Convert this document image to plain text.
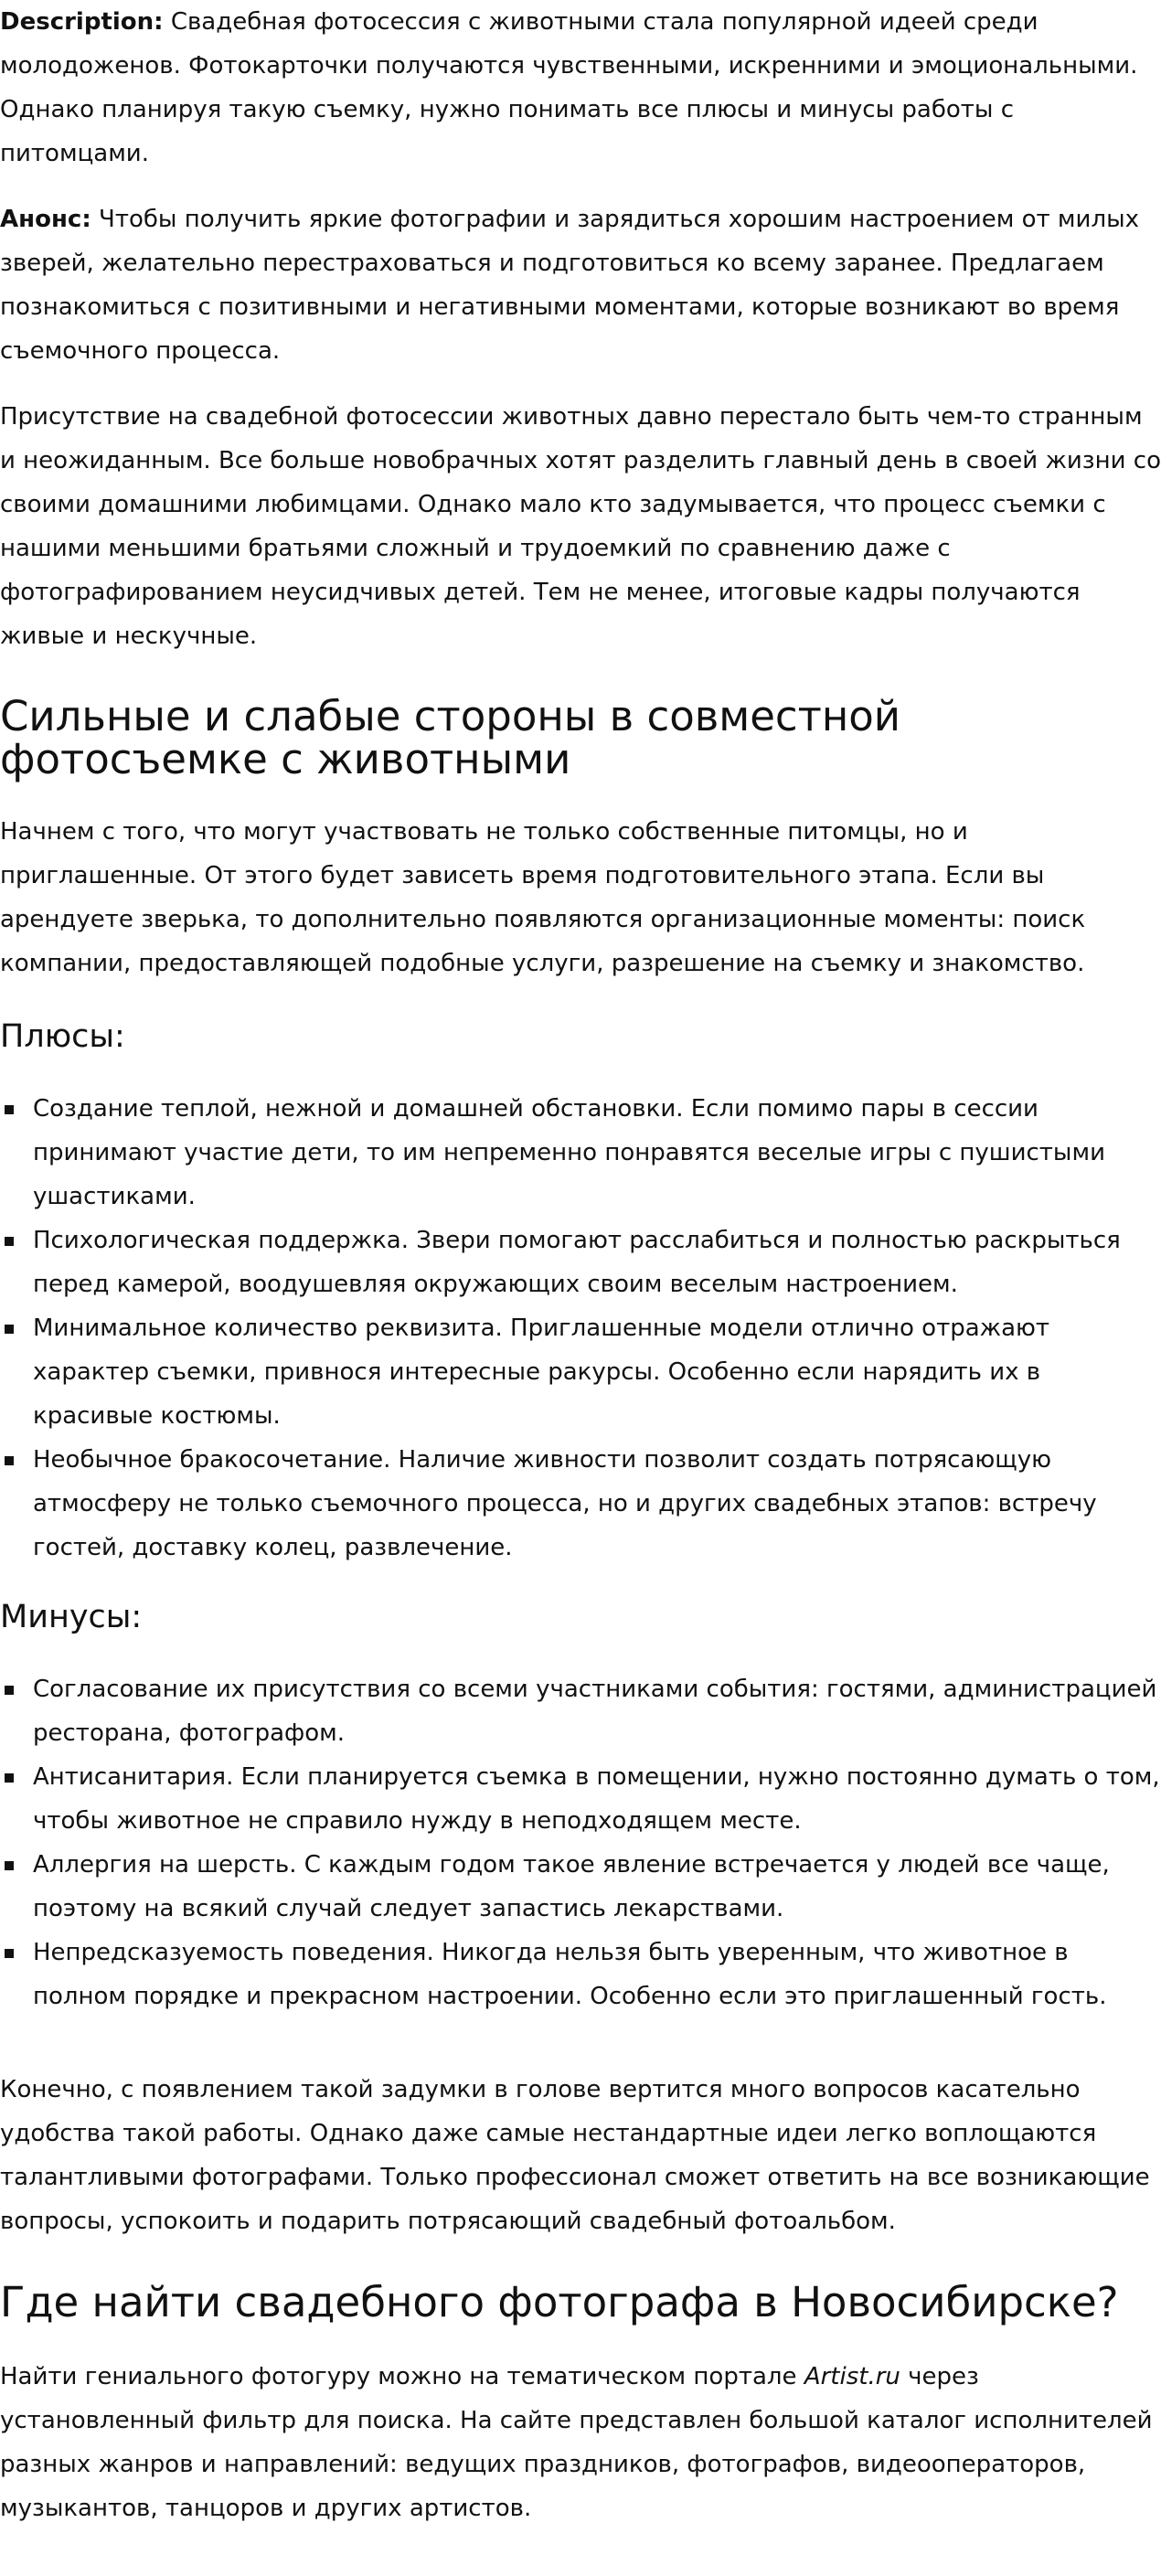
Description: Свадебная фотосессия с животными стала популярной идеей среди молодоженов. Фотокарточки получаются чувственными, искренними и эмоциональными. Однако планируя такую съемку, нужно понимать все плюсы и минусы работы с питомцами.

Анонс: Чтобы получить яркие фотографии и зарядиться хорошим настроением от милых зверей, желательно перестраховаться и подготовиться ко всему заранее. Предлагаем познакомиться с позитивными и негативными моментами, которые возникают во время съемочного процесса.

Присутствие на свадебной фотосессии животных давно перестало быть чем-то странным и неожиданным. Все больше новобрачных хотят разделить главный день в своей жизни со своими домашними любимцами. Однако мало кто задумывается, что процесс съемки с нашими меньшими братьями сложный и трудоемкий по сравнению даже с фотографированием неусидчивых детей. Тем не менее, итоговые кадры получаются живые и нескучные.

Сильные и слабые стороны в совместной фотосъемке с животными

Начнем с того, что могут участвовать не только собственные питомцы, но и приглашенные. От этого будет зависеть время подготовительного этапа. Если вы арендуете зверька, то дополнительно появляются организационные моменты: поиск компании, предоставляющей подобные услуги, разрешение на съемку и знакомство.

Плюсы:
Создание теплой, нежной и домашней обстановки. Если помимо пары в сессии принимают участие дети, то им непременно понравятся веселые игры с пушистыми ушастиками.
Психологическая поддержка. Звери помогают расслабиться и полностью раскрыться перед камерой, воодушевляя окружающих своим веселым настроением.
Минимальное количество реквизита. Приглашенные модели отлично отражают характер съемки, привнося интересные ракурсы. Особенно если нарядить их в красивые костюмы.
Необычное бракосочетание. Наличие живности позволит создать потрясающую атмосферу не только съемочного процесса, но и других свадебных этапов: встречу гостей, доставку колец, развлечение.
Минусы:
Согласование их присутствия со всеми участниками события: гостями, администрацией ресторана, фотографом.
Антисанитария. Если планируется съемка в помещении, нужно постоянно думать о том, чтобы животное не справило нужду в неподходящем месте.
Аллергия на шерсть. С каждым годом такое явление встречается у людей все чаще, поэтому на всякий случай следует запастись лекарствами.
Непредсказуемость поведения. Никогда нельзя быть уверенным, что животное в полном порядке и прекрасном настроении. Особенно если это приглашенный гость.

Конечно, с появлением такой задумки в голове вертится много вопросов касательно удобства такой работы. Однако даже самые нестандартные идеи легко воплощаются талантливыми фотографами. Только профессионал сможет ответить на все возникающие вопросы, успокоить и подарить потрясающий свадебный фотоальбом.

Где найти свадебного фотографа в Новосибирске?

Найти гениального фотогуру можно на тематическом портале Artist.ru через установленный фильтр для поиска. На сайте представлен большой каталог исполнителей разных жанров и направлений: ведущих праздников, фотографов, видеооператоров, музыкантов, танцоров и других артистов.
